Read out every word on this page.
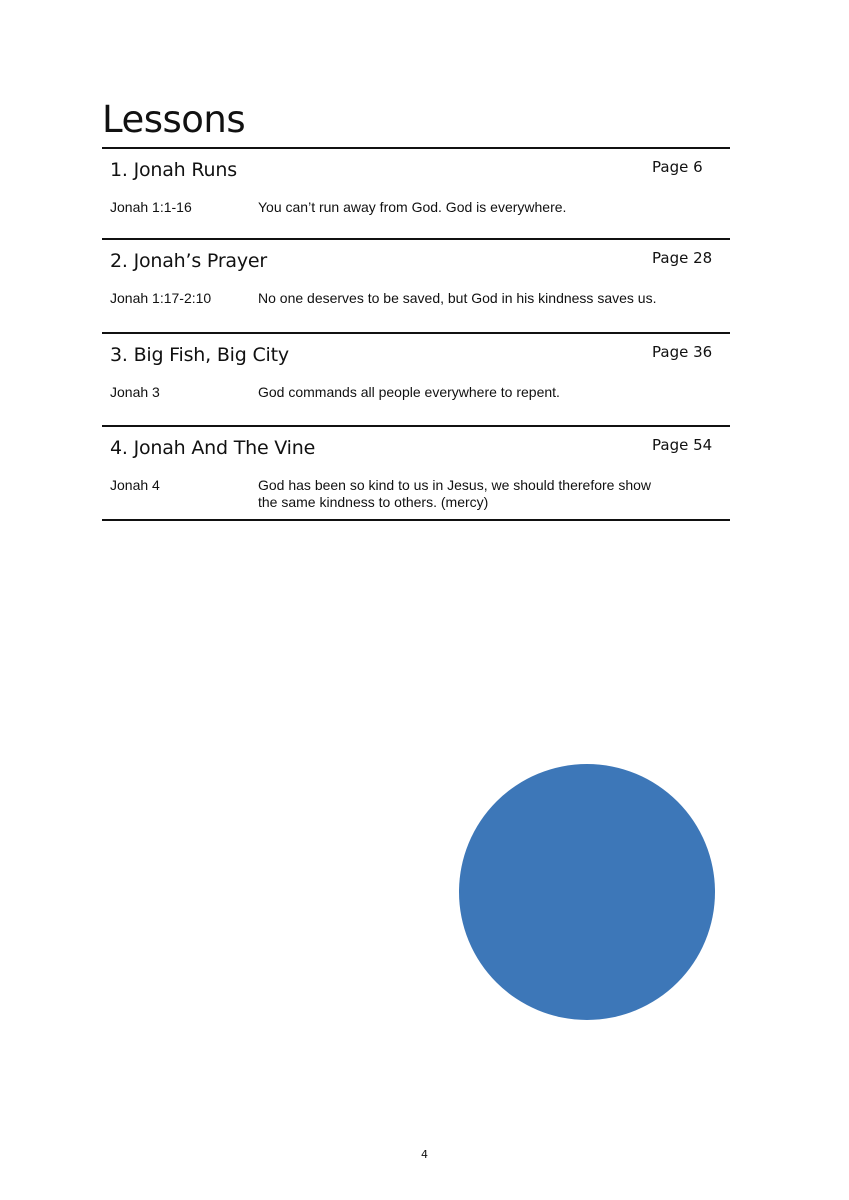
Lessons
1. Jonah Runs	Page 6
Jonah 1:1-16	You can’t run away from God. God is everywhere.
2. Jonah’s Prayer	Page 28
Jonah 1:17-2:10	No one deserves to be saved, but God in his kindness saves us.
3. Big Fish, Big City	Page 36
Jonah 3	God commands all people everywhere to repent.
4. Jonah And The Vine	Page 54
Jonah 4	God has been so kind to us in Jesus, we should therefore show the same kindness to others. (mercy)
4
